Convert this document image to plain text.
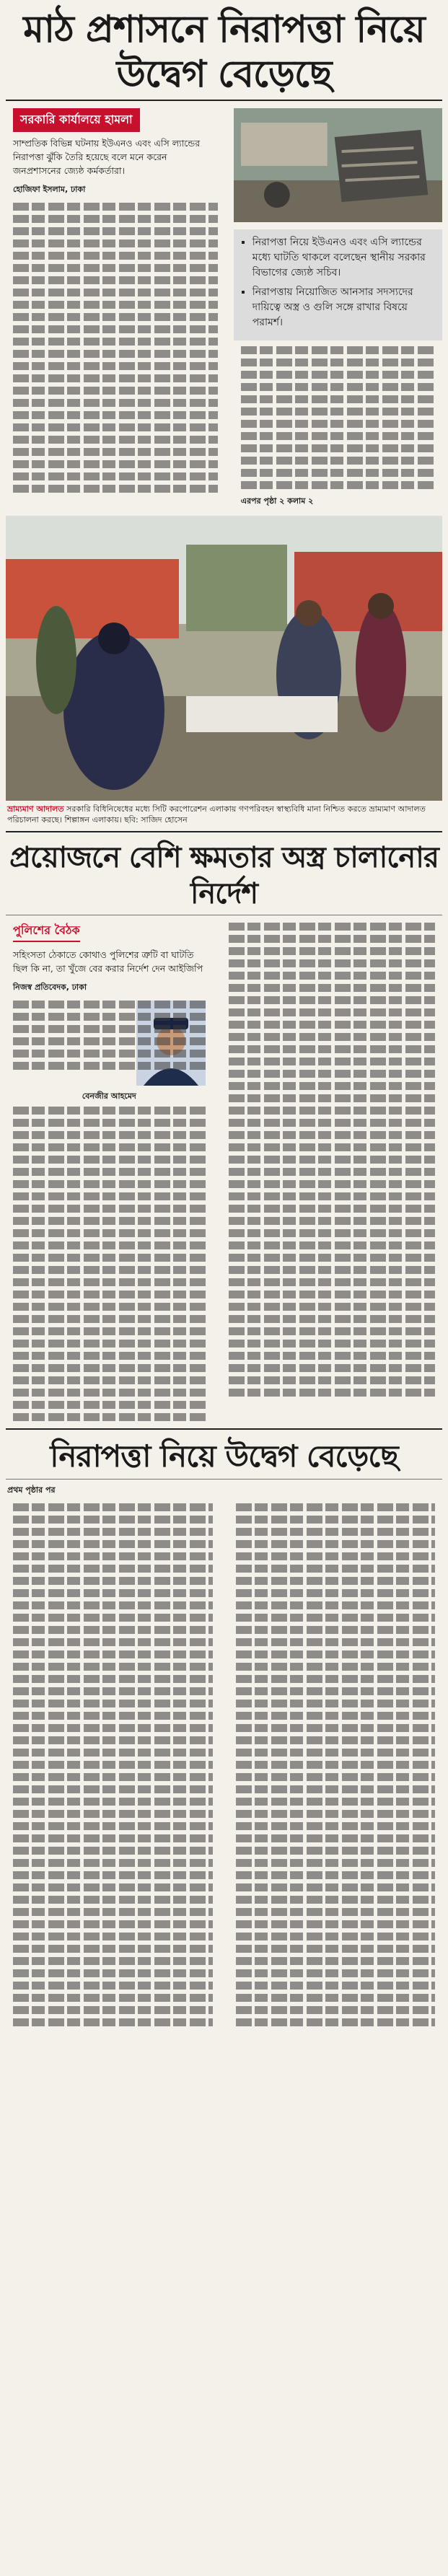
মাঠ প্রশাসনে নিরাপত্তা নিয়ে উদ্বেগ বেড়েছে
সরকারি কার্যালয়ে হামলা

সাম্প্রতিক বিভিন্ন ঘটনায় ইউএনও এবং এসি ল্যান্ডের নিরাপত্তা ঝুঁকি তৈরি হয়েছে বলে মনে করেন জনপ্রশাসনের জ্যেষ্ঠ কর্মকর্তারা।

হোজিফা ইসলাম, ঢাকা
▪ নিরাপত্তা নিয়ে ইউএনও এবং এসি ল্যান্ডের মধ্যে ঘাটতি থাকলে বলেছেন স্থানীয় সরকার বিভাগের জ্যেষ্ঠ সচিব।
▪ নিরাপত্তায় নিয়োজিত আনসার সদস্যদের দায়িত্বে অস্ত্র ও গুলি সঙ্গে রাখার বিষয়ে পরামর্শ।
এরপর পৃষ্ঠা ২ কলাম ২
ভ্রাম্যমাণ আদালত সরকারি বিধিনিষেধের মধ্যে সিটি করপোরেশন এলাকায় গণপরিবহন স্বাস্থ্যবিধি মানা নিশ্চিত করতে ভ্রাম্যমাণ আদালত পরিচালনা করছে। শিল্পাঙ্গন এলাকায়। ছবি: সাজিদ হোসেন
প্রয়োজনে বেশি ক্ষমতার অস্ত্র চালানোর নির্দেশ
পুলিশের বৈঠক

সহিংসতা ঠেকাতে কোথাও পুলিশের ত্রুটি বা ঘাটতি ছিল কি না, তা খুঁজে বের করার নির্দেশ দেন আইজিপি

নিজস্ব প্রতিবেদক, ঢাকা
বেনজীর আহমেদ
নিরাপত্তা নিয়ে উদ্বেগ বেড়েছে
প্রথম পৃষ্ঠার পর
